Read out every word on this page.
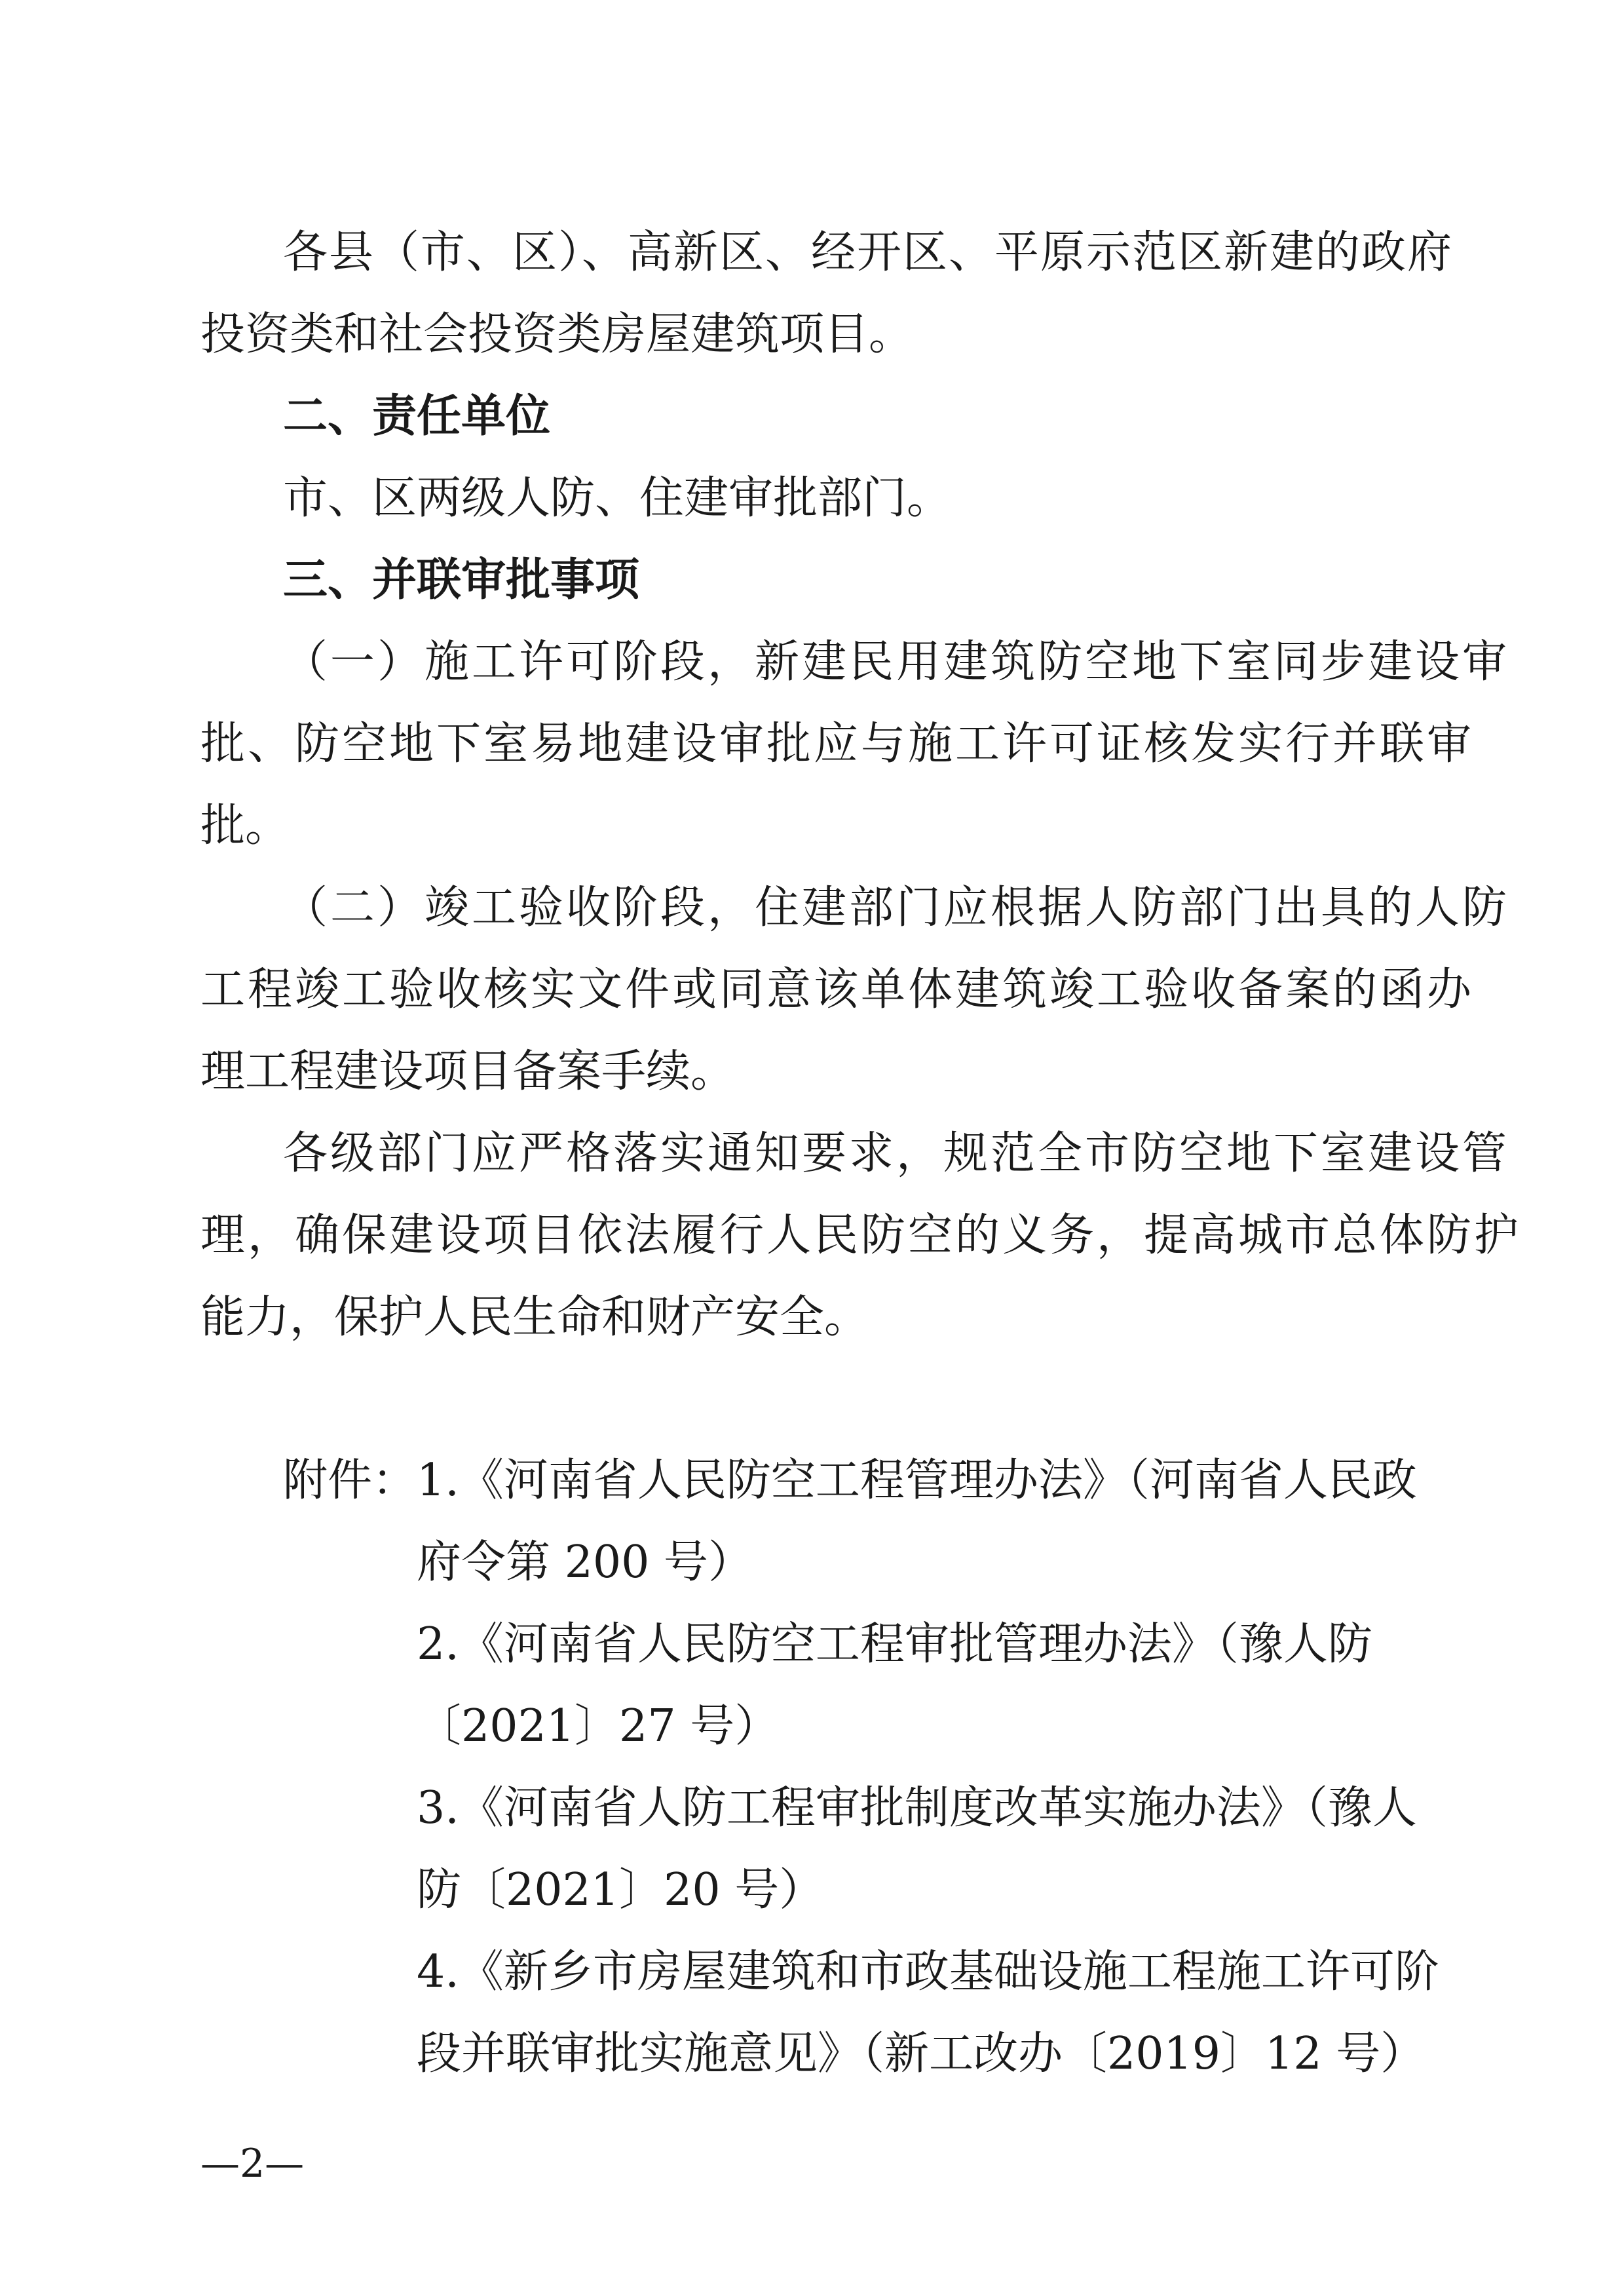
各县（市、区）、高新区、经开区、平原示范区新建的政府
投资类和社会投资类房屋建筑项目。
二、责任单位
市、区两级人防、住建审批部门。
三、并联审批事项
（一）施工许可阶段，新建民用建筑防空地下室同步建设审
批、防空地下室易地建设审批应与施工许可证核发实行并联审
批。
（二）竣工验收阶段，住建部门应根据人防部门出具的人防
工程竣工验收核实文件或同意该单体建筑竣工验收备案的函办
理工程建设项目备案手续。
各级部门应严格落实通知要求，规范全市防空地下室建设管
理，确保建设项目依法履行人民防空的义务，提高城市总体防护
能力，保护人民生命和财产安全。
附件： 1.《河南省人民防空工程管理办法》（河南省人民政
府令第 200 号）
2.《河南省人民防空工程审批管理办法》（豫人防
〔2021〕27 号）
3.《河南省人防工程审批制度改革实施办法》（豫人
防〔2021〕20 号）
4.《新乡市房屋建筑和市政基础设施工程施工许可阶
段并联审批实施意见》（新工改办〔2019〕12 号）
—2—
